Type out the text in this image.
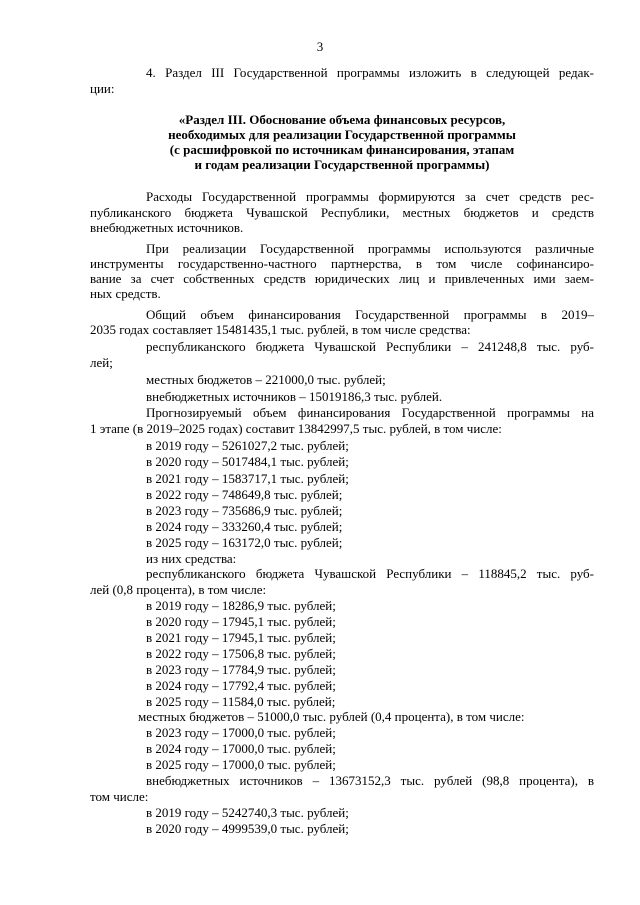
3
4. Раздел III Государственной программы изложить в следующей редак-
ции:
«Раздел III. Обоснование объема финансовых ресурсов,
необходимых для реализации Государственной программы
(с расшифровкой по источникам финансирования, этапам
и годам реализации Государственной программы)
Расходы Государственной программы формируются за счет средств рес-
публиканского бюджета Чувашской Республики, местных бюджетов и средств
внебюджетных источников.
При реализации Государственной программы используются различные
инструменты государственно-частного партнерства, в том числе софинансиро-
вание за счет собственных средств юридических лиц и привлеченных ими заем-
ных средств.
Общий объем финансирования Государственной программы в 2019–
2035 годах составляет 15481435,1 тыс. рублей, в том числе средства:
республиканского бюджета Чувашской Республики – 241248,8 тыс. руб-
лей;
местных бюджетов – 221000,0 тыс. рублей;
внебюджетных источников – 15019186,3 тыс. рублей.
Прогнозируемый объем финансирования Государственной программы на
1 этапе (в 2019–2025 годах) составит 13842997,5 тыс. рублей, в том числе:
в 2019 году – 5261027,2 тыс. рублей;
в 2020 году – 5017484,1 тыс. рублей;
в 2021 году – 1583717,1 тыс. рублей;
в 2022 году – 748649,8 тыс. рублей;
в 2023 году – 735686,9 тыс. рублей;
в 2024 году – 333260,4 тыс. рублей;
в 2025 году – 163172,0 тыс. рублей;
из них средства:
республиканского бюджета Чувашской Республики – 118845,2 тыс. руб-
лей (0,8 процента), в том числе:
в 2019 году – 18286,9 тыс. рублей;
в 2020 году – 17945,1 тыс. рублей;
в 2021 году – 17945,1 тыс. рублей;
в 2022 году – 17506,8 тыс. рублей;
в 2023 году – 17784,9 тыс. рублей;
в 2024 году – 17792,4 тыс. рублей;
в 2025 году – 11584,0 тыс. рублей;
местных бюджетов – 51000,0 тыс. рублей (0,4 процента), в том числе:
в 2023 году – 17000,0 тыс. рублей;
в 2024 году – 17000,0 тыс. рублей;
в 2025 году – 17000,0 тыс. рублей;
внебюджетных источников – 13673152,3 тыс. рублей (98,8 процента), в
том числе:
в 2019 году – 5242740,3 тыс. рублей;
в 2020 году – 4999539,0 тыс. рублей;
